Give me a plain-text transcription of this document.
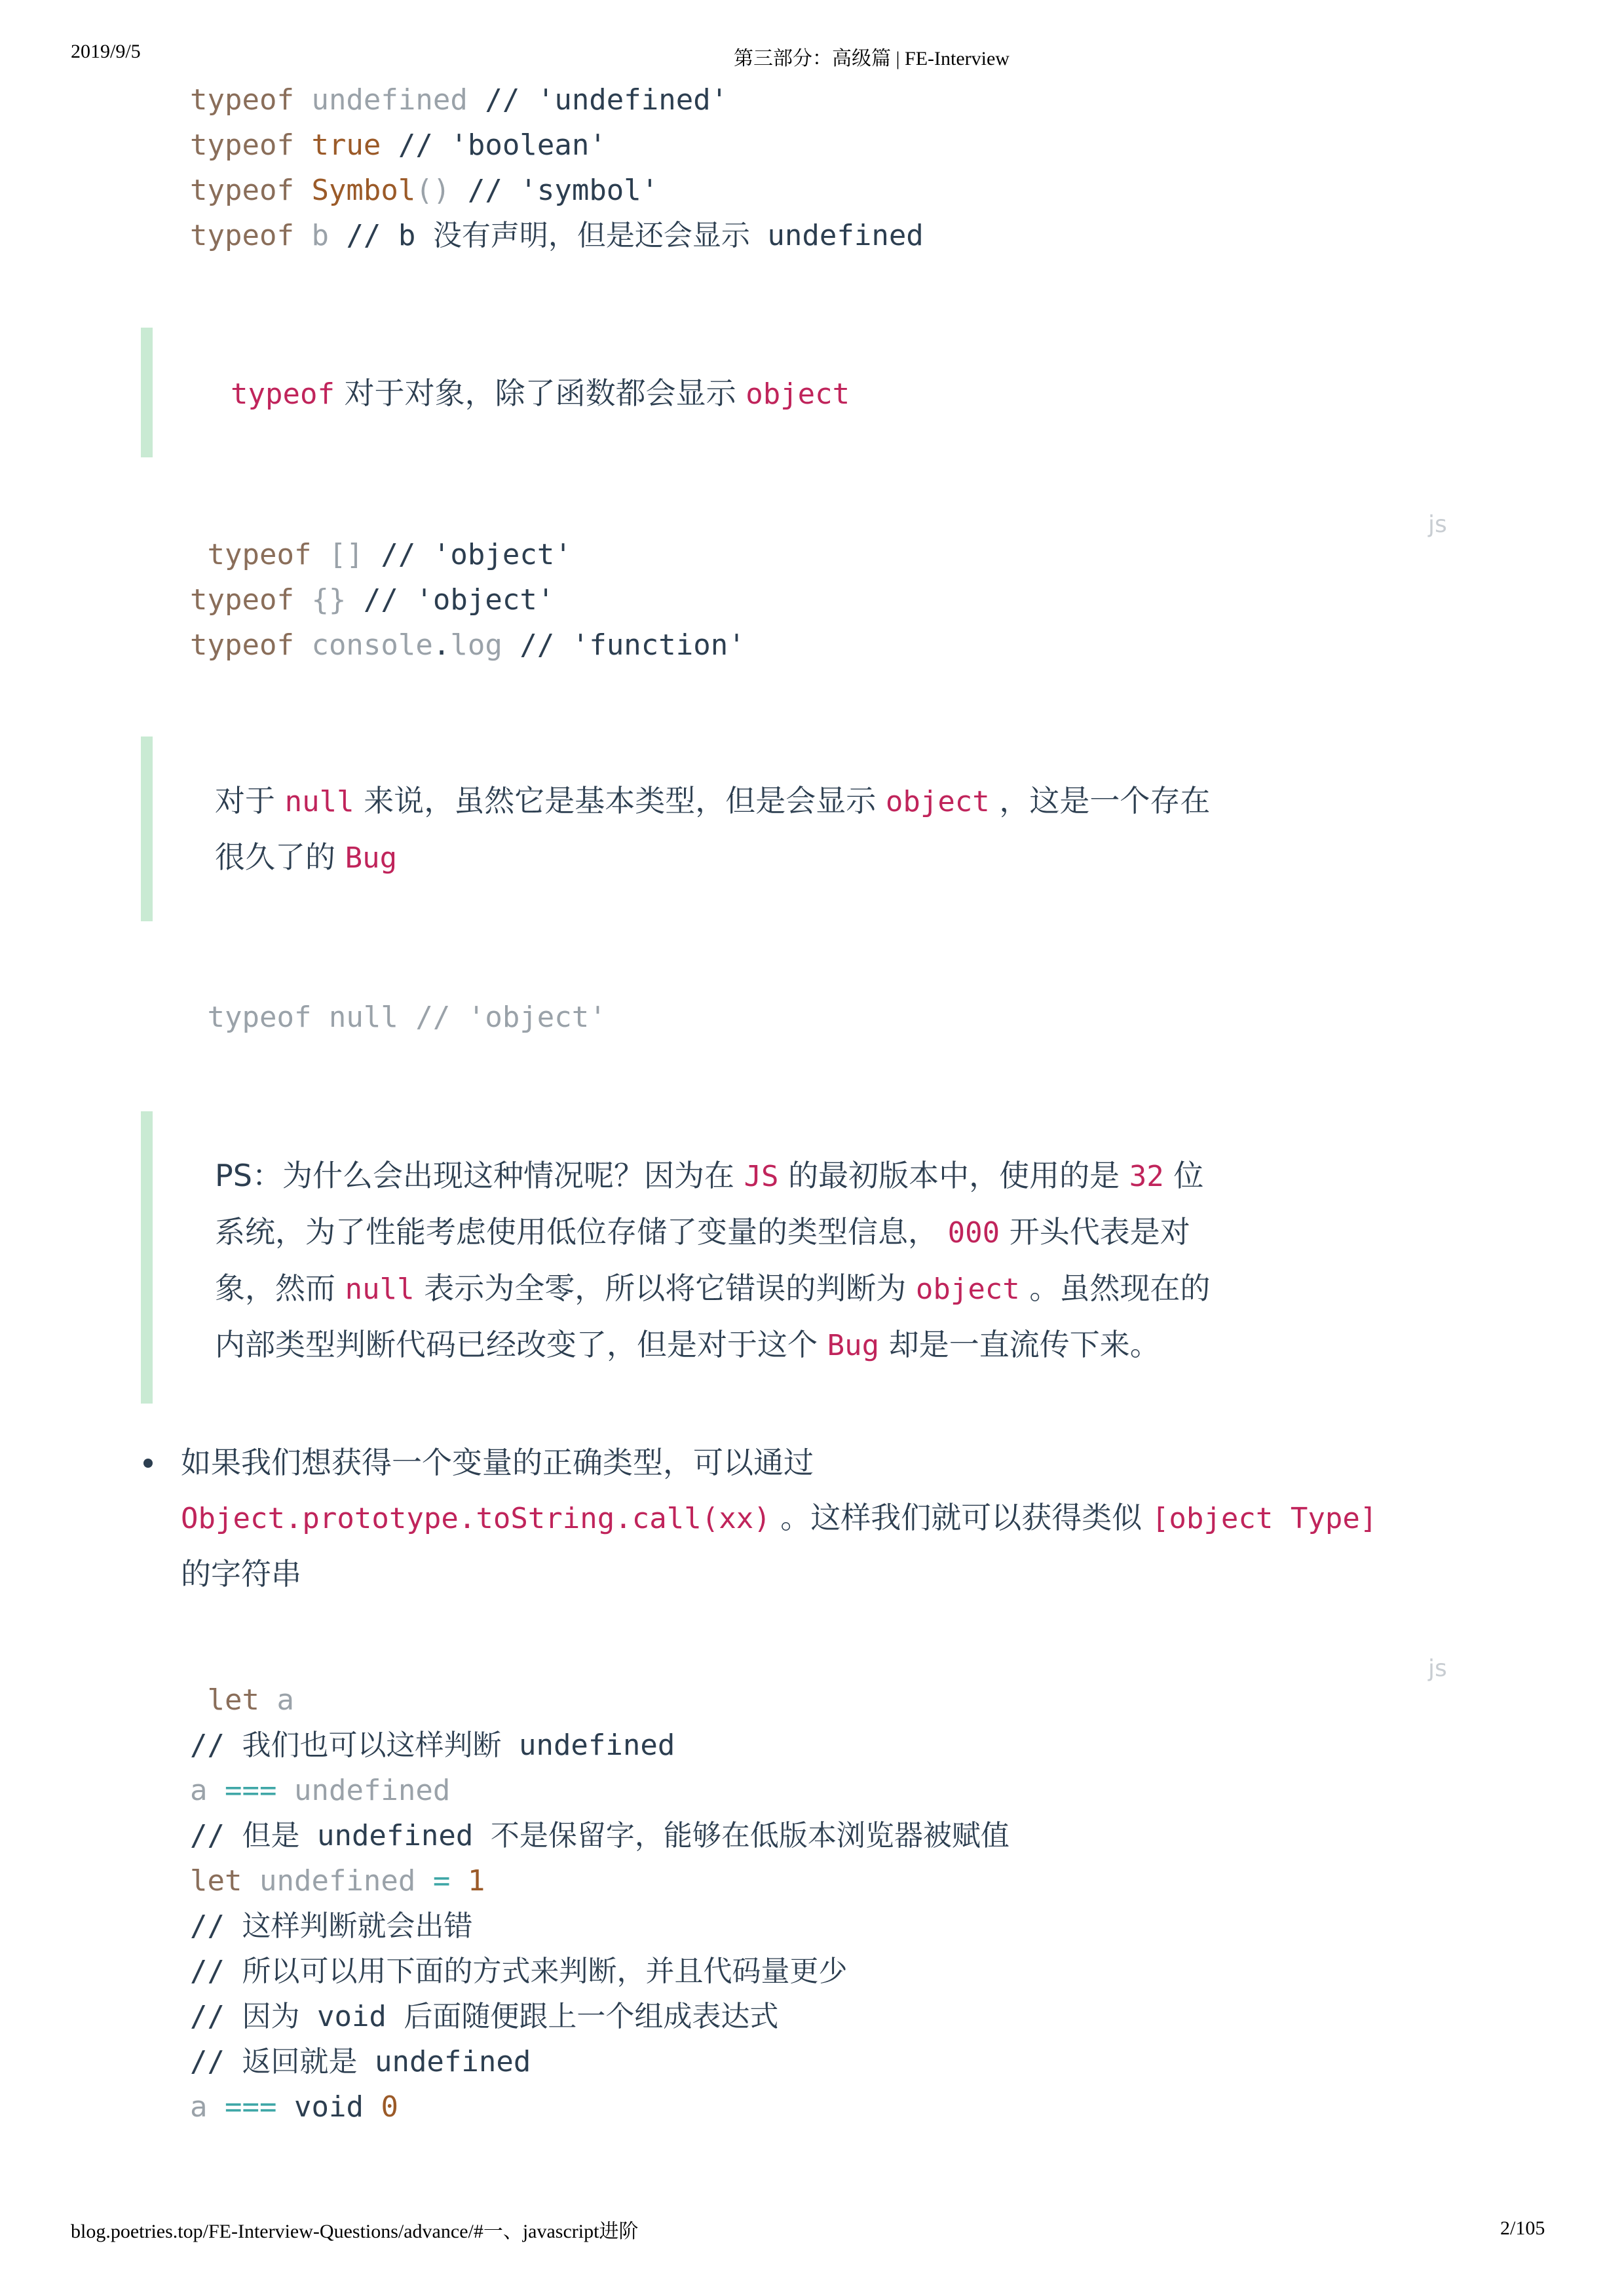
2019/9/5	第三部分：高级篇 | FE-Interview
typeof undefined // 'undefined'
typeof true // 'boolean'
typeof Symbol() // 'symbol'
typeof b // b 没有声明，但是还会显示 undefined
typeof 对于对象，除了函数都会显示 object
js
typeof [] // 'object'
typeof {} // 'object'
typeof console.log // 'function'
对于 null 来说，虽然它是基本类型，但是会显示 object ，这是一个存在
很久了的 Bug
typeof null // 'object'
PS：为什么会出现这种情况呢？因为在 JS 的最初版本中，使用的是 32 位
系统，为了性能考虑使用低位存储了变量的类型信息， 000 开头代表是对
象，然而 null 表示为全零，所以将它错误的判断为 object 。虽然现在的
内部类型判断代码已经改变了，但是对于这个 Bug 却是一直流传下来。
如果我们想获得一个变量的正确类型，可以通过
Object.prototype.toString.call(xx) 。这样我们就可以获得类似 [object Type]
的字符串
js
let a
// 我们也可以这样判断 undefined
a === undefined
// 但是 undefined 不是保留字，能够在低版本浏览器被赋值
let undefined = 1
// 这样判断就会出错
// 所以可以用下面的方式来判断，并且代码量更少
// 因为 void 后面随便跟上一个组成表达式
// 返回就是 undefined
a === void 0
blog.poetries.top/FE-Interview-Questions/advance/#一、javascript进阶	2/105
